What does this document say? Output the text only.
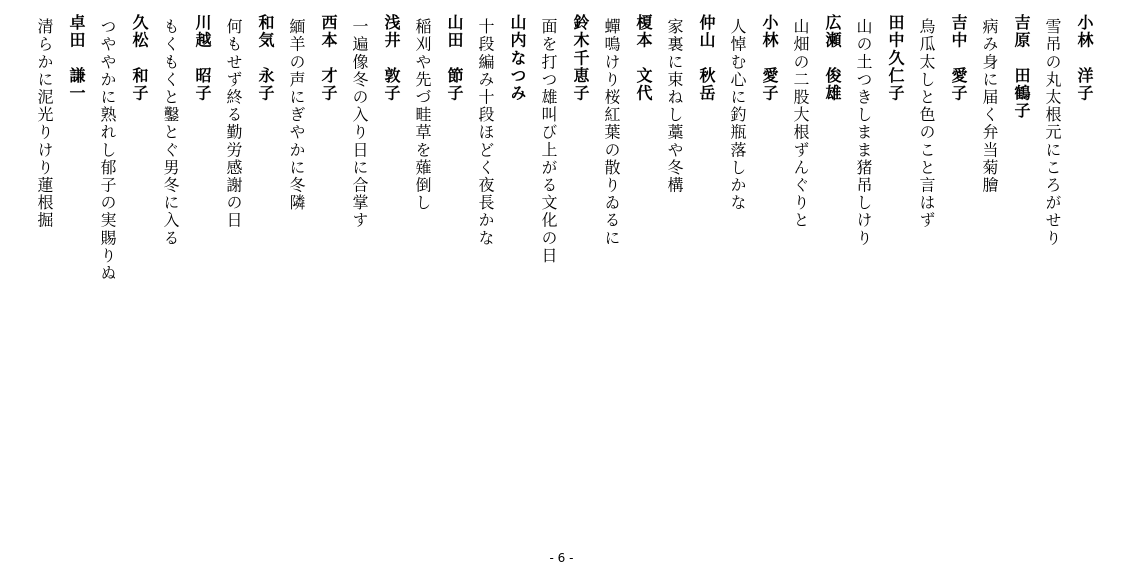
小林　洋子
雪吊の丸太根元にころがせり
吉原　田鶴子
病み身に届く弁当菊膾
吉中　愛子
烏瓜太しと色のこと言はず
田中久仁子
山の土つきしまま猪吊しけり
広瀬　俊雄
山畑の二股大根ずんぐりと
小林　愛子
人悼む心に釣瓶落しかな
仲山　秋岳
家裏に束ねし藁や冬構
榎本　文代
蟬鳴けり桜紅葉の散りゐるに
鈴木千恵子
面を打つ雄叫び上がる文化の日
山内なつみ
十段編み十段ほどく夜長かな
山田　節子
稲刈や先づ畦草を薙倒し
浅井　敦子
一遍像冬の入り日に合掌す
西本　才子
緬羊の声にぎやかに冬隣
和気　永子
何もせず終る勤労感謝の日
川越　昭子
もくもくと鑿とぐ男冬に入る
久松　和子
つややかに熟れし郁子の実賜りぬ
卓田　謙一
清らかに泥光りけり蓮根掘
- 6 -
